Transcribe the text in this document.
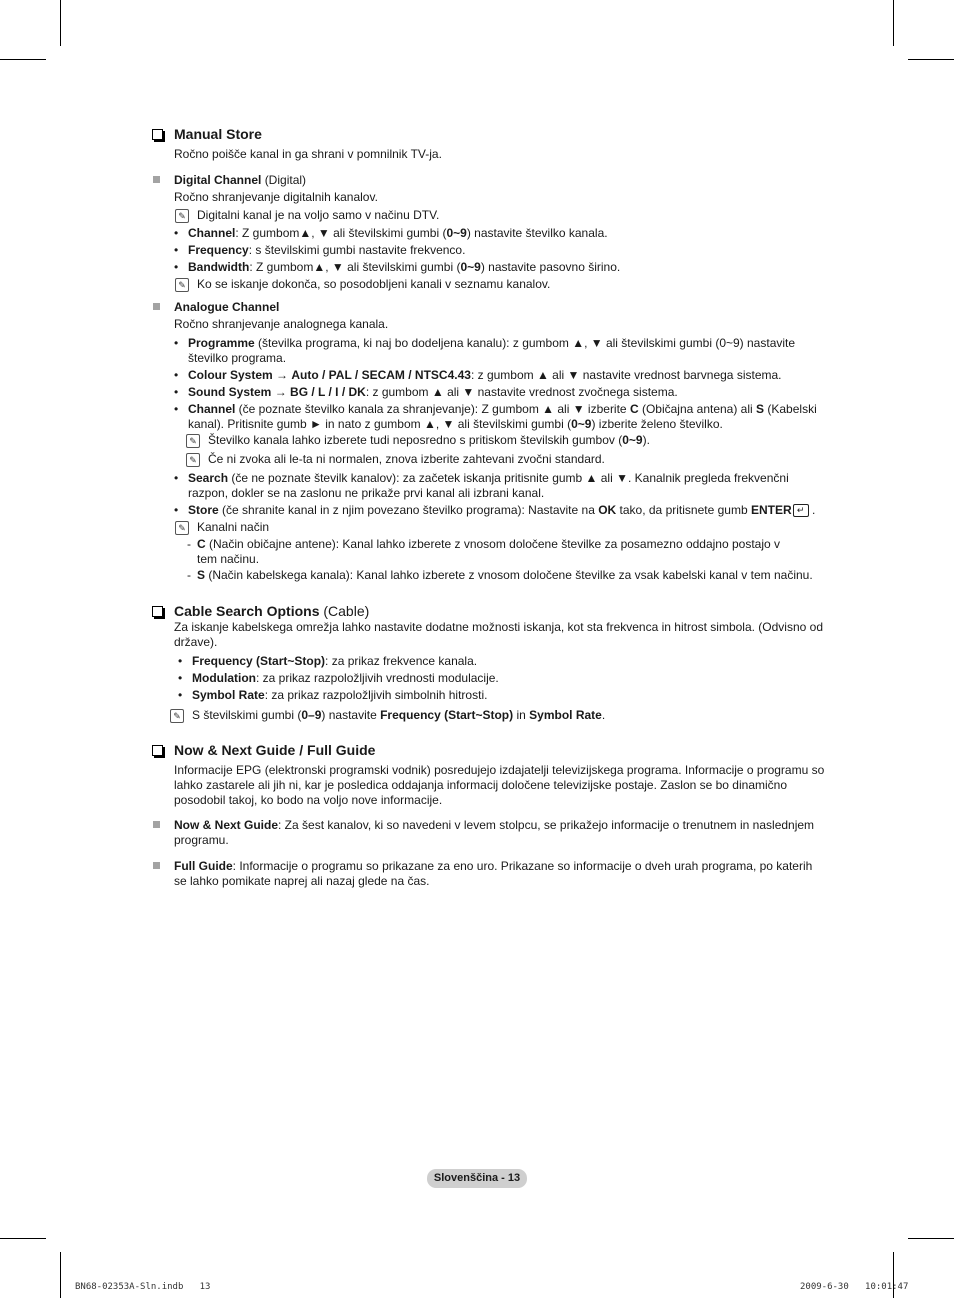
Manual Store
Ročno poišče kanal in ga shrani v pomnilnik TV-ja.
Digital Channel (Digital)
Ročno shranjevanje digitalnih kanalov.
✎ Digitalni kanal je na voljo samo v načinu DTV.
• Channel: Z gumbom▲, ▼ ali številskimi gumbi (0~9) nastavite številko kanala.
• Frequency: s številskimi gumbi nastavite frekvenco.
• Bandwidth: Z gumbom▲, ▼ ali številskimi gumbi (0~9) nastavite pasovno širino.
✎ Ko se iskanje dokonča, so posodobljeni kanali v seznamu kanalov.
Analogue Channel
Ročno shranjevanje analognega kanala.
• Programme (številka programa, ki naj bo dodeljena kanalu): z gumbom ▲, ▼ ali številskimi gumbi (0~9) nastavite številko programa.
• Colour System → Auto / PAL / SECAM / NTSC4.43: z gumbom ▲ ali ▼ nastavite vrednost barvnega sistema.
• Sound System → BG / L / I / DK: z gumbom ▲ ali ▼ nastavite vrednost zvočnega sistema.
• Channel (če poznate številko kanala za shranjevanje): Z gumbom ▲ ali ▼ izberite C (Običajna antena) ali S (Kabelski kanal). Pritisnite gumb ► in nato z gumbom ▲, ▼ ali številskimi gumbi (0~9) izberite želeno številko.
✎ Številko kanala lahko izberete tudi neposredno s pritiskom številskih gumbov (0~9).
✎ Če ni zvoka ali le-ta ni normalen, znova izberite zahtevani zvočni standard.
• Search (če ne poznate številk kanalov): za začetek iskanja pritisnite gumb ▲ ali ▼. Kanalnik pregleda frekvenčni razpon, dokler se na zaslonu ne prikaže prvi kanal ali izbrani kanal.
• Store (če shranite kanal in z njim povezano številko programa): Nastavite na OK tako, da pritisnete gumb ENTER ↵ .
✎ Kanalni način
- C (Način običajne antene): Kanal lahko izberete z vnosom določene številke za posamezno oddajno postajo v tem načinu.
- S (Način kabelskega kanala): Kanal lahko izberete z vnosom določene številke za vsak kabelski kanal v tem načinu.
Cable Search Options (Cable)
Za iskanje kabelskega omrežja lahko nastavite dodatne možnosti iskanja, kot sta frekvenca in hitrost simbola. (Odvisno od države).
• Frequency (Start~Stop): za prikaz frekvence kanala.
• Modulation: za prikaz razpoložljivih vrednosti modulacije.
• Symbol Rate: za prikaz razpoložljivih simbolnih hitrosti.
✎ S številskimi gumbi (0–9) nastavite Frequency (Start~Stop) in Symbol Rate.
Now & Next Guide / Full Guide
Informacije EPG (elektronski programski vodnik) posredujejo izdajatelji televizijskega programa. Informacije o programu so lahko zastarele ali jih ni, kar je posledica oddajanja informacij določene televizijske postaje. Zaslon se bo dinamično posodobil takoj, ko bodo na voljo nove informacije.
Now & Next Guide: Za šest kanalov, ki so navedeni v levem stolpcu, se prikažejo informacije o trenutnem in naslednjem programu.
Full Guide: Informacije o programu so prikazane za eno uro. Prikazane so informacije o dveh urah programa, po katerih se lahko pomikate naprej ali nazaj glede na čas.
Slovenščina - 13
BN68-02353A-Sln.indb 13	2009-6-30 10:01:47
